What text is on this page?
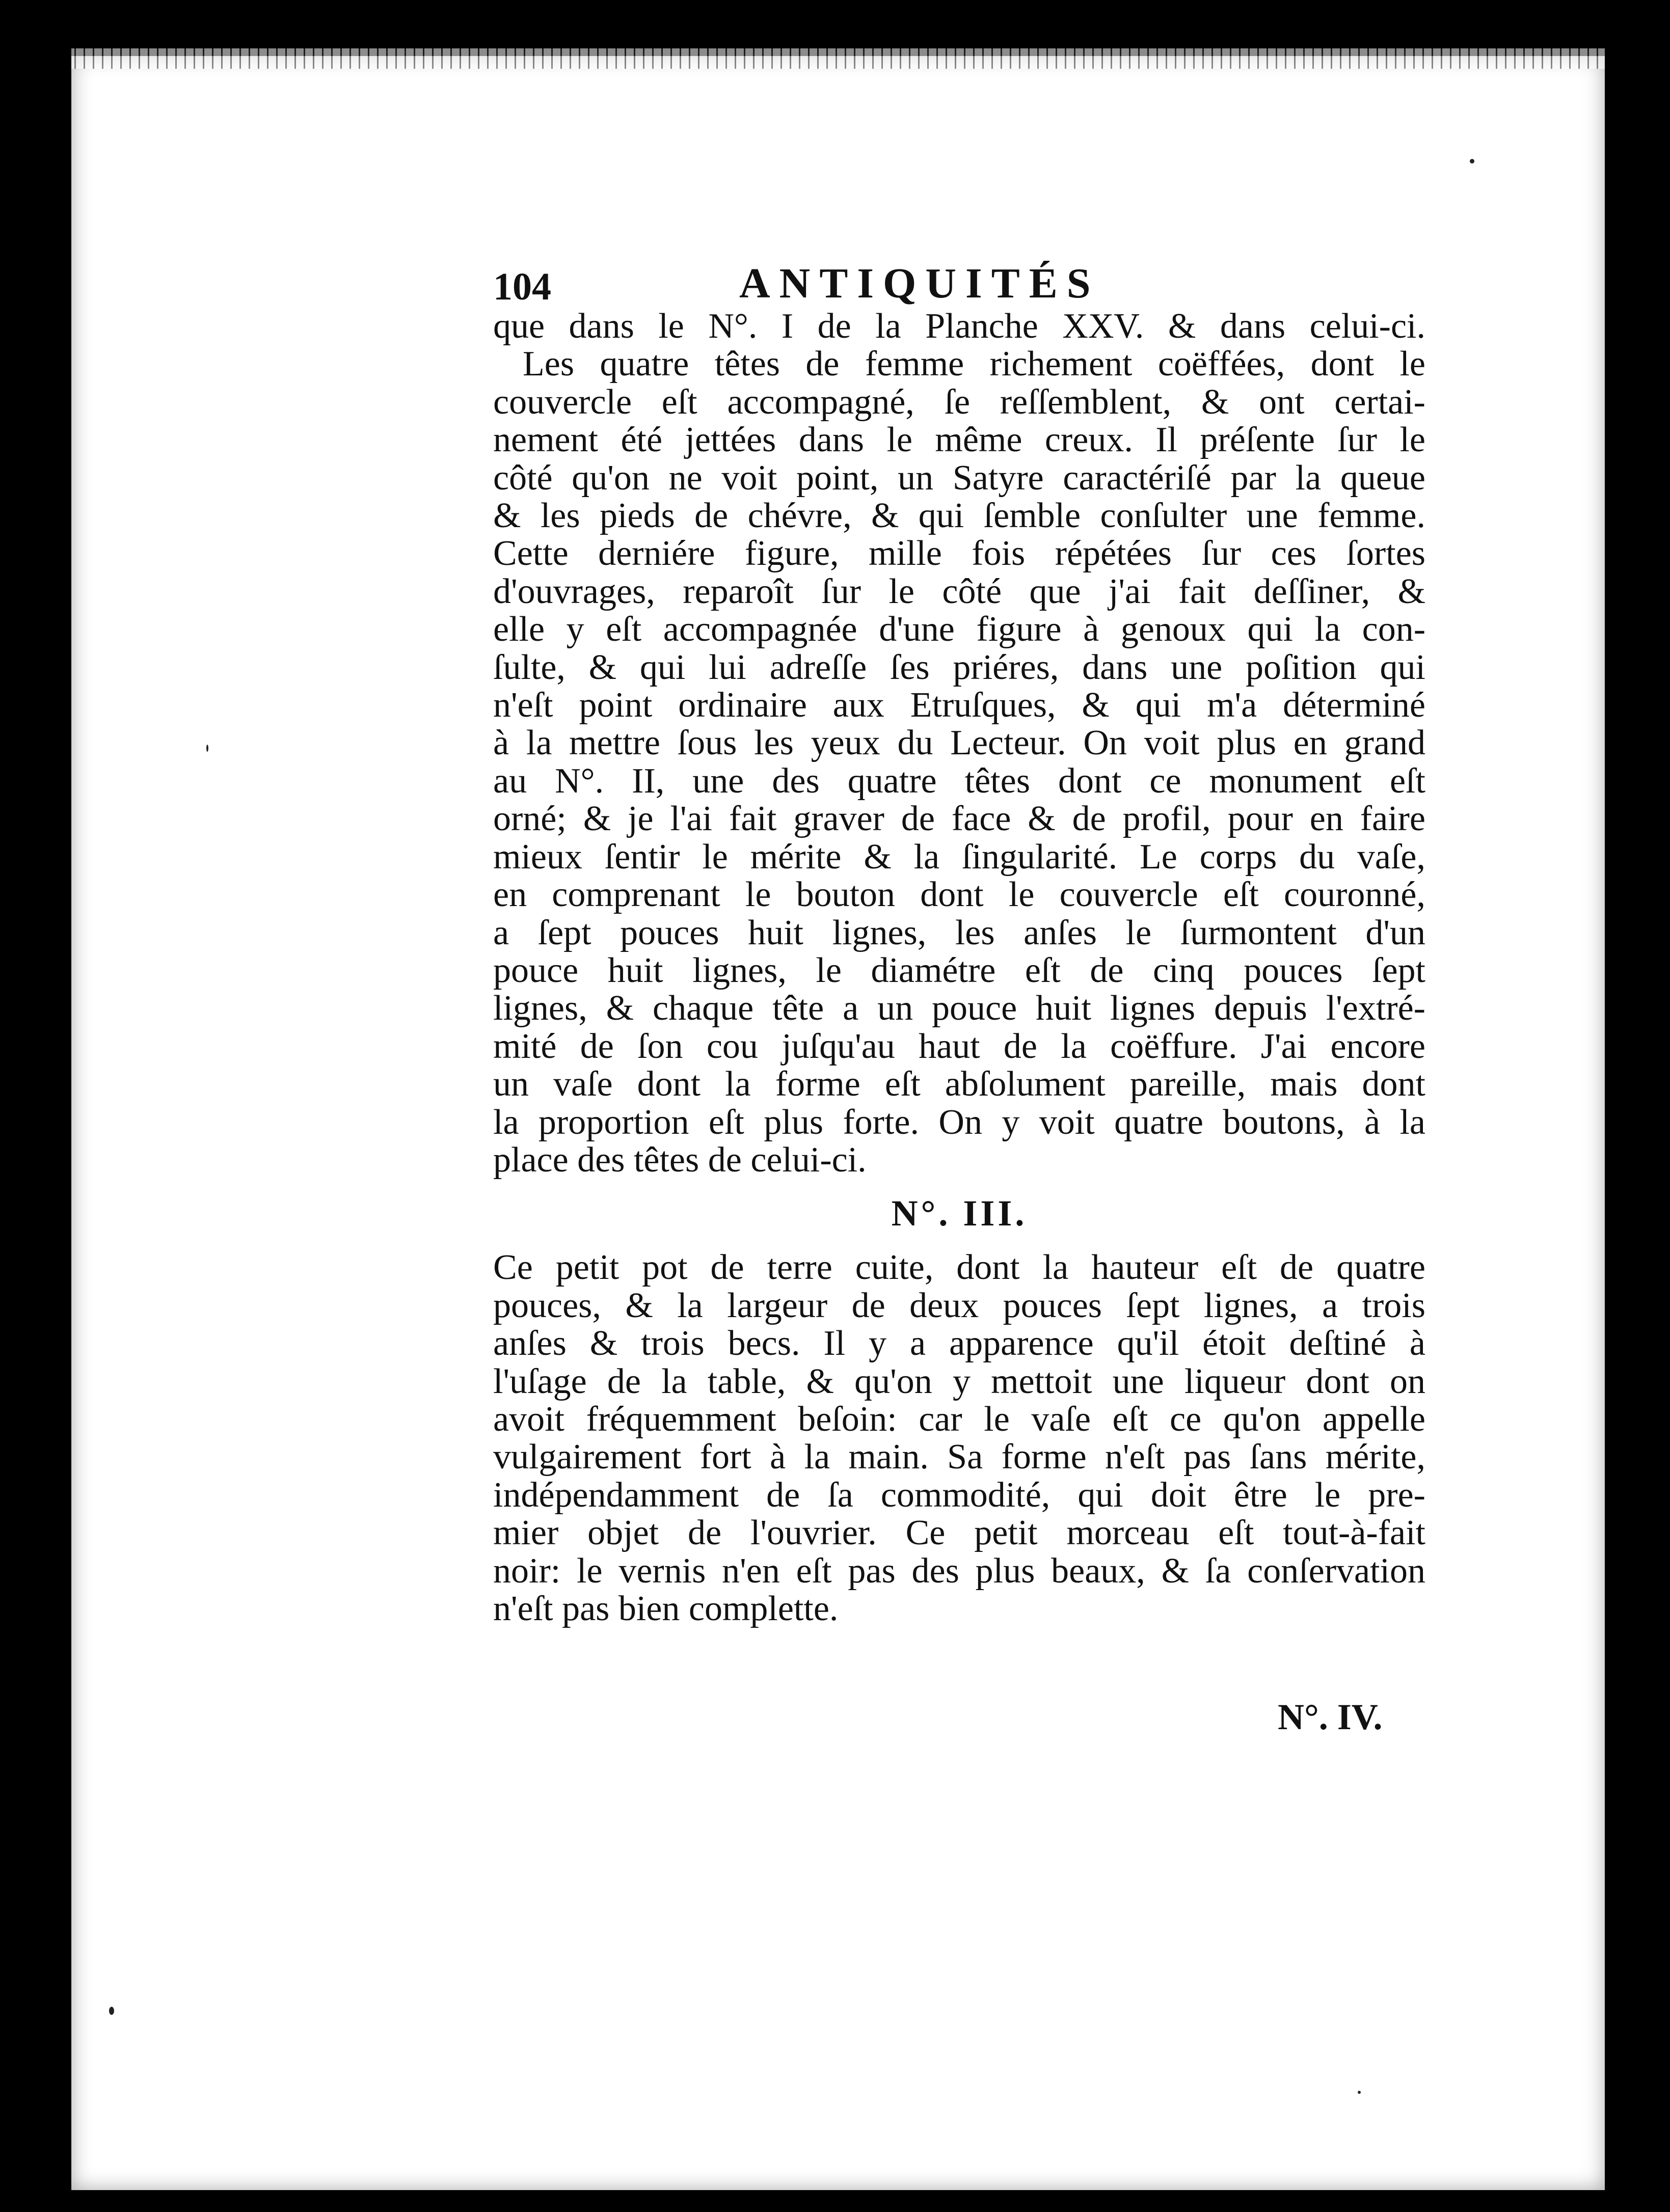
104	ANTIQUITÉS
que dans le N°. I de la Planche XXV. & dans celui-ci.
Les quatre têtes de femme richement coëffées, dont le
couvercle eſt accompagné, ſe reſſemblent, & ont certai-
nement été jettées dans le même creux. Il préſente ſur le
côté qu'on ne voit point, un Satyre caractériſé par la queue
& les pieds de chévre, & qui ſemble conſulter une femme.
Cette derniére figure, mille fois répétées ſur ces ſortes
d'ouvrages, reparoît ſur le côté que j'ai fait deſſiner, &
elle y eſt accompagnée d'une figure à genoux qui la con-
ſulte, & qui lui adreſſe ſes priéres, dans une poſition qui
n'eſt point ordinaire aux Etruſques, & qui m'a déterminé
à la mettre ſous les yeux du Lecteur. On voit plus en grand
au N°. II, une des quatre têtes dont ce monument eſt
orné; & je l'ai fait graver de face & de profil, pour en faire
mieux ſentir le mérite & la ſingularité. Le corps du vaſe,
en comprenant le bouton dont le couvercle eſt couronné,
a ſept pouces huit lignes, les anſes le ſurmontent d'un
pouce huit lignes, le diamétre eſt de cinq pouces ſept
lignes, & chaque tête a un pouce huit lignes depuis l'extré-
mité de ſon cou juſqu'au haut de la coëffure. J'ai encore
un vaſe dont la forme eſt abſolument pareille, mais dont
la proportion eſt plus forte. On y voit quatre boutons, à la
place des têtes de celui-ci.
N°. III.
Ce petit pot de terre cuite, dont la hauteur eſt de quatre
pouces, & la largeur de deux pouces ſept lignes, a trois
anſes & trois becs. Il y a apparence qu'il étoit deſtiné à
l'uſage de la table, & qu'on y mettoit une liqueur dont on
avoit fréquemment beſoin: car le vaſe eſt ce qu'on appelle
vulgairement fort à la main. Sa forme n'eſt pas ſans mérite,
indépendamment de ſa commodité, qui doit être le pre-
mier objet de l'ouvrier. Ce petit morceau eſt tout-à-fait
noir: le vernis n'en eſt pas des plus beaux, & ſa conſervation
n'eſt pas bien complette.
N°. IV.
